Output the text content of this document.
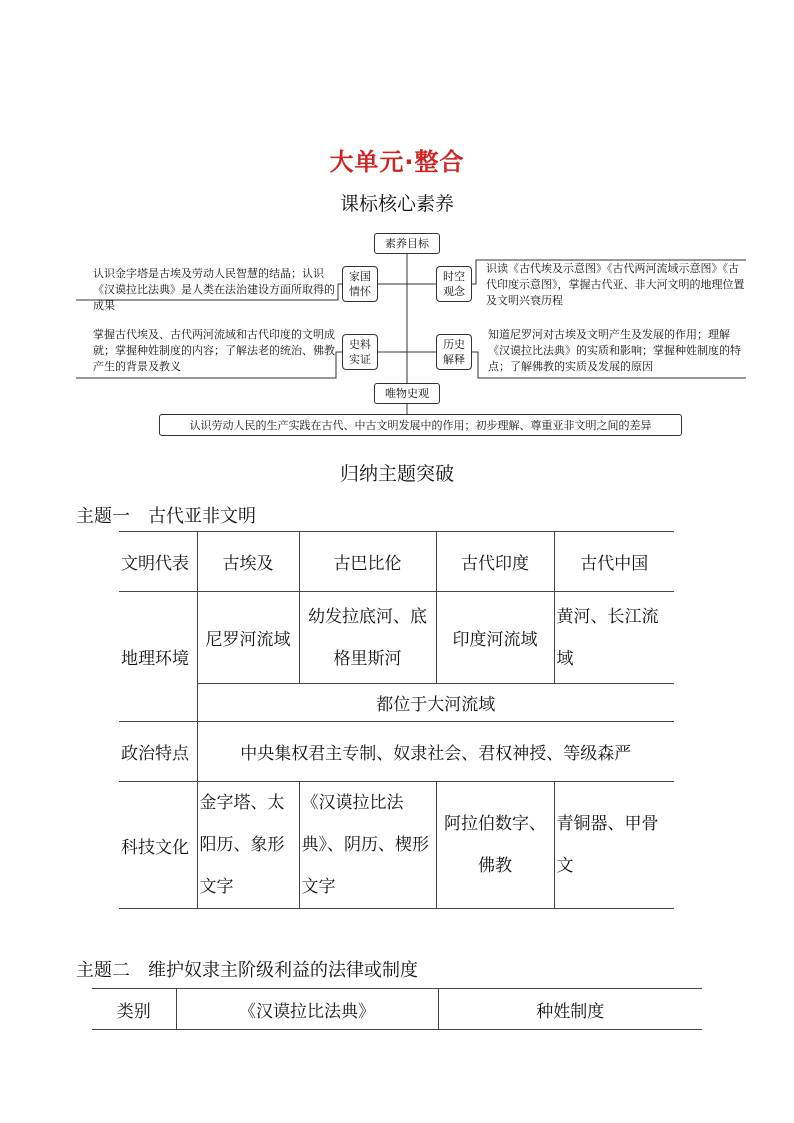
大单元·整合
课标核心素养
素养目标
家国
情怀
时空
观念
史料
实证
历史
解释
唯物史观
认识金字塔是古埃及劳动人民智慧的结晶；认识《汉谟拉比法典》是人类在法治建设方面所取得的成果
识读《古代埃及示意图》《古代两河流域示意图》《古代印度示意图》，掌握古代亚、非大河文明的地理位置及文明兴衰历程
掌握古代埃及、古代两河流域和古代印度的文明成就；掌握种姓制度的内容；了解法老的统治、佛教产生的背景及教义
知道尼罗河对古埃及文明产生及发展的作用；理解《汉谟拉比法典》的实质和影响；掌握种姓制度的特点；了解佛教的实质及发展的原因
认识劳动人民的生产实践在古代、中古文明发展中的作用；初步理解、尊重亚非文明之间的差异
归纳主题突破
主题一 古代亚非文明
文明代表	古埃及	古巴比伦	古代印度	古代中国
地理环境	尼罗河流域	幼发拉底河、底格里斯河	印度河流域	黄河、长江流域
	都位于大河流域			
政治特点	中央集权君主专制、奴隶社会、君权神授、等级森严			
科技文化	金字塔、太阳历、象形文字	《汉谟拉比法典》、阴历、楔形文字	阿拉伯数字、佛教	青铜器、甲骨文
主题二 维护奴隶主阶级利益的法律或制度
类别	《汉谟拉比法典》	种姓制度
